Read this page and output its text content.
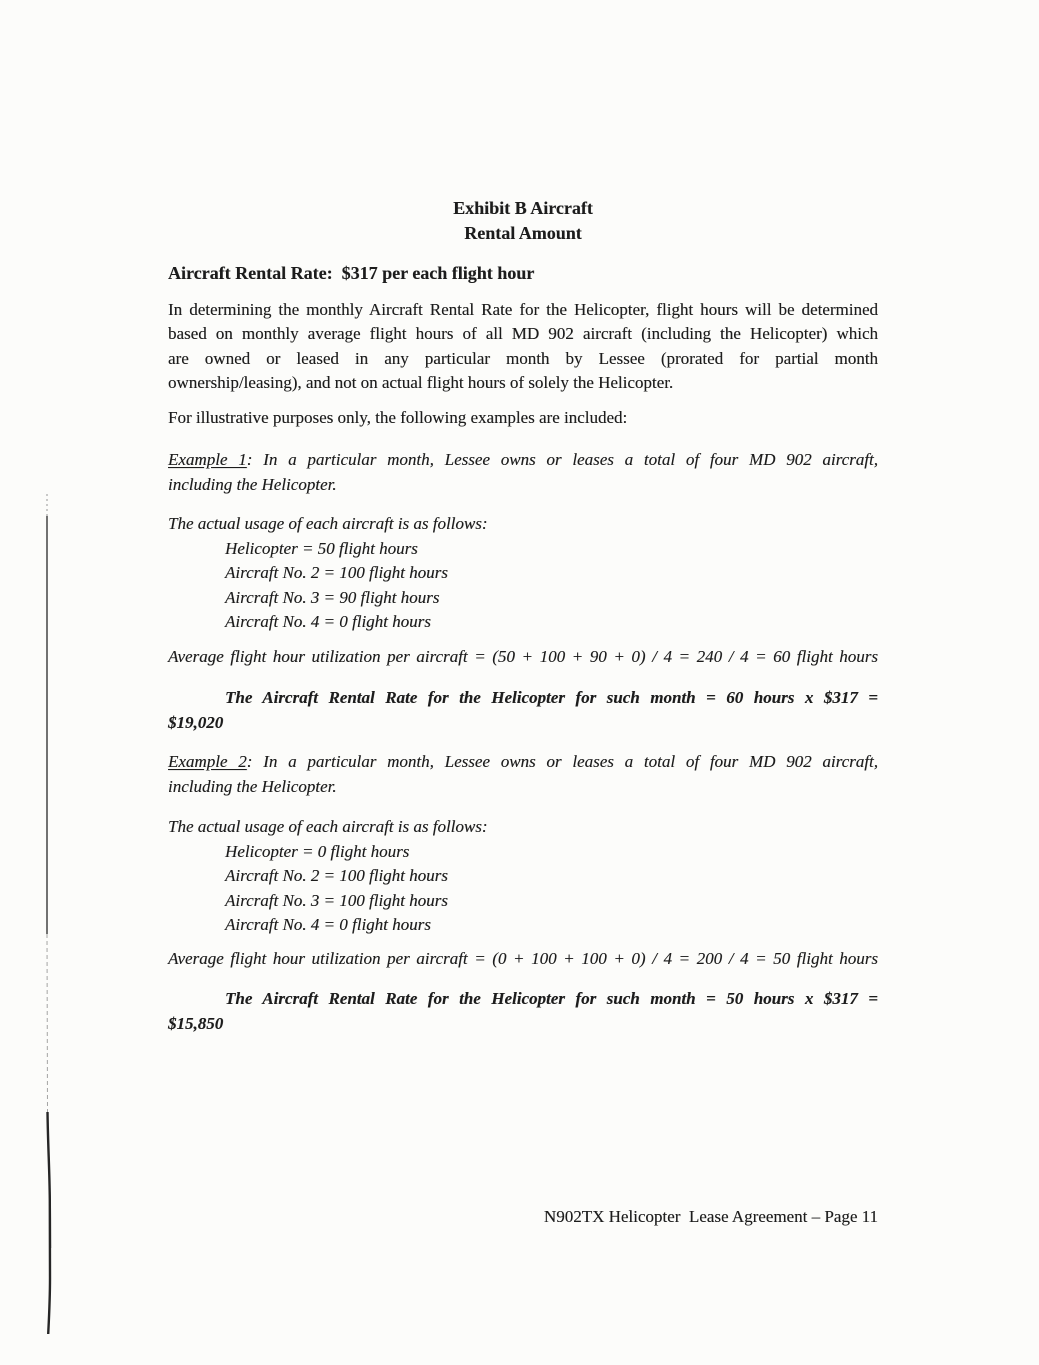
Exhibit B Aircraft
Rental Amount
Aircraft Rental Rate:  $317 per each flight hour
In determining the monthly Aircraft Rental Rate for the Helicopter, flight hours will be determined
based on monthly average flight hours of all MD 902 aircraft (including the Helicopter) which
are owned or leased in any particular month by Lessee (prorated for partial month
ownership/leasing), and not on actual flight hours of solely the Helicopter.
For illustrative purposes only, the following examples are included:
Example 1: In a particular month, Lessee owns or leases a total of four MD 902 aircraft,
including the Helicopter.
The actual usage of each aircraft is as follows:
Helicopter = 50 flight hours
Aircraft No. 2 = 100 flight hours
Aircraft No. 3 = 90 flight hours
Aircraft No. 4 = 0 flight hours
Average flight hour utilization per aircraft = (50 + 100 + 90 + 0) / 4 = 240 / 4 = 60 flight hours
The Aircraft Rental Rate for the Helicopter for such month = 60 hours x $317 =
$19,020
Example 2: In a particular month, Lessee owns or leases a total of four MD 902 aircraft,
including the Helicopter.
The actual usage of each aircraft is as follows:
Helicopter = 0 flight hours
Aircraft No. 2 = 100 flight hours
Aircraft No. 3 = 100 flight hours
Aircraft No. 4 = 0 flight hours
Average flight hour utilization per aircraft = (0 + 100 + 100 + 0) / 4 = 200 / 4 = 50 flight hours
The Aircraft Rental Rate for the Helicopter for such month = 50 hours x $317 =
$15,850
N902TX Helicopter  Lease Agreement – Page 11
